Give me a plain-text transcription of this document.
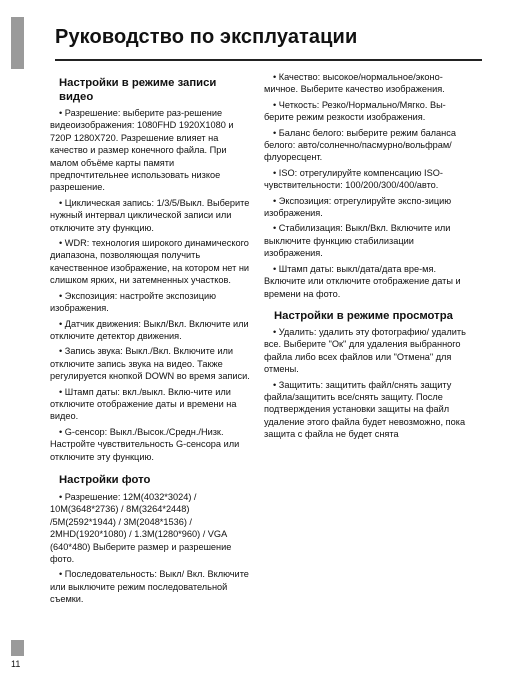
Руководство по эксплуатации
Настройки в режиме записи видео

• Разрешение: выберите раз-решение видеоизображения: 1080FHD 1920X1080 и 720P 1280X720. Разрешение влияет на качество и размер конечного файла. При малом объёме карты памяти предпочтительнее использовать низкое разрешение.

• Циклическая запись: 1/3/5/Выкл. Выберите нужный интервал циклической записи или отключите эту функцию.

• WDR: технология широкого динамического диапазона, позволяющая получить качественное изображение, на котором нет ни слишком ярких, ни затемненных участков.

• Экспозиция: настройте экспозицию изображения.

• Датчик движения: Выкл/Вкл. Включите или отключите детектор движения.

• Запись звука: Выкл./Вкл. Включите или отключите запись звука на видео. Также регулируется кнопкой DOWN во время записи.

• Штамп даты: вкл./выкл. Вклю-чите или отключите отображение даты и времени на видео.

• G-сенсор: Выкл./Высок./Средн./Низк. Настройте чувствительность G-сенсора или отключите эту функцию.

Настройки фото

• Разрешение: 12M(4032*3024) / 10M(3648*2736) / 8M(3264*2448) /5M(2592*1944) / 3M(2048*1536) / 2MHD(1920*1080) / 1.3M(1280*960) / VGA (640*480) Выберите размер и разрешение фото.

• Последовательность: Выкл/ Вкл. Включите или выключите режим последовательной съемки.

• Качество: высокое/нормальное/эконо-мичное. Выберите качество изображения.

• Четкость: Резко/Нормально/Мягко. Вы-берите режим резкости изображения.

• Баланс белого: выберите режим баланса белого: авто/солнечно/пасмурно/вольфрам/флуоресцент.

• ISO: отрегулируйте компенсацию ISO-чувствительности: 100/200/300/400/авто.

• Экспозиция: отрегулируйте экспо-зицию изображения.

• Стабилизация: Выкл/Вкл. Включите или выключите функцию стабилизации изображения.

• Штамп даты: выкл/дата/дата вре-мя. Включите или отключите отображение даты и времени на фото.

Настройки в режиме просмотра

• Удалить: удалить эту фотографию/ удалить все. Выберите "Ок" для удаления выбранного файла либо всех файлов или "Отмена" для отмены.

• Защитить: защитить файл/снять защиту файла/защитить все/снять защиту. После подтверждения установки защиты на файл удаление этого файла будет невозможно, пока защита с файла не будет снята

11
